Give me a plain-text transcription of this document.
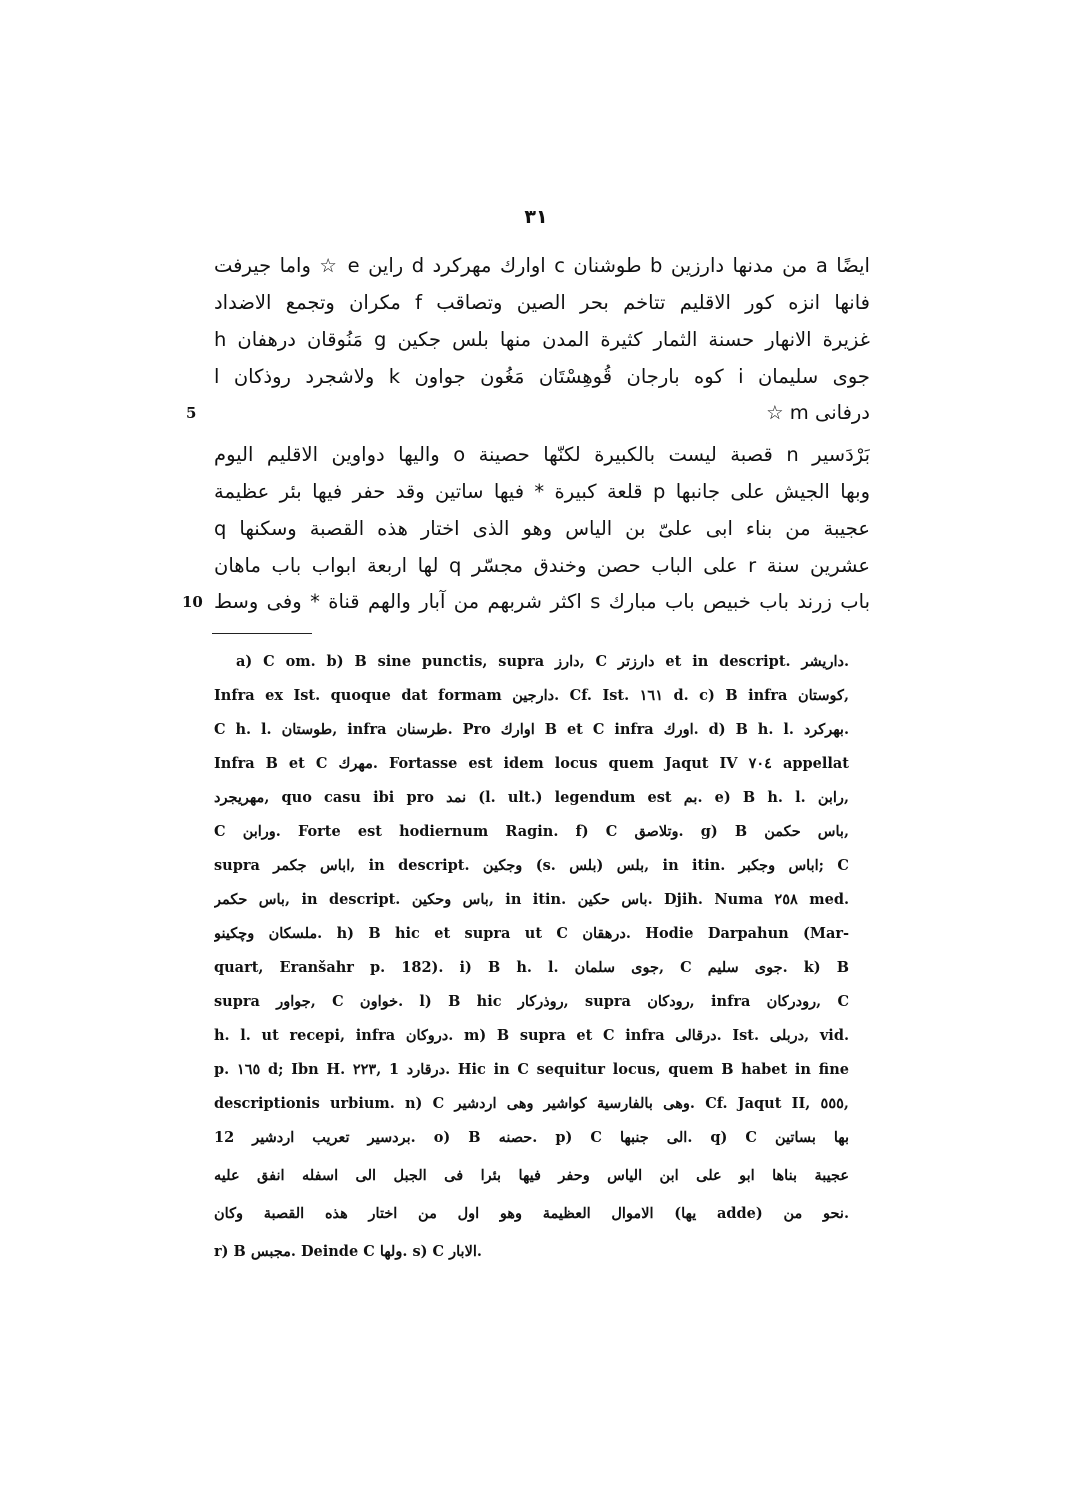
٣١
ايضًا a من مدنها دارزين b طوشنان c اوارك مهركرد d راين e ☆ واما جيرفت
فانها انزه كور الاقليم تتاخم بحر الصين وتصاقب f مكران وتجمع الاضداد
غزيرة الانهار حسنة الثمار كثيرة المدن منها بلس جكين g مَنُوقان درهفان h
جوى سليمان i كوه بارجان قُوهِسْتَان مَغُون جواون k ولاشجرد روذكان l
درفانى m ☆
بَرْدَسير n قصبة ليست بالكبيرة لكنّها حصينة o واليها دواوين الاقليم اليوم
وبها الجيش على جانبها p قلعة كبيرة * فيها ساتين وقد حفر فيها بئر عظيمة
عجيبة من بناء ابى علىّ بن الياس وهو الذى اختار هذه القصبة وسكنها q
عشرين سنة r على الباب حصن وخندق مجسّر q لها اربعة ابواب باب ماهان
باب زرند باب خبيص باب مبارك s اكثر شربهم من آبار والهم قناة * وفى وسط
5
10
a) C om. b) B sine punctis, supra دارز, C دارزتر et in descript. داريشر.
Infra ex Ist. quoque dat formam دارجين. Cf. Ist. ١٦١ d. c) B infra كوستان,
C h. l. طوستان, infra طرسنان. Pro اوارك B et C infra اورك. d) B h. l. بهركرد.
Infra B et C مهرك. Fortasse est idem locus quem Jaqut IV ٧٠٤ appellat
مهريجرد, quo casu ibi pro نمد (l. ult.) legendum est بم. e) B h. l. رابن,
C ورابن. Forte est hodiernum Ragin. f) C وتلاصق. g) B باس حكمن,
supra اباس جكمر, in descript. وجكين (s. بلس) بلس, in itin. اباس وجكبر; C
باس حكمر, in descript. باس وحكين, in itin. باس حكين. Djih. Numa ٢٥٨ med.
ملسكان وچكينو. h) B hic et supra ut C درهقان. Hodie Darpahun (Mar-
quart, Eranšahr p. 182). i) B h. l. جوى سلمان, C جوى سليم. k) B
supra جواور, C خواون. l) B hic روذركار, supra رودكان, infra رودركان, C
h. l. ut recepi, infra دروكان. m) B supra et C infra درقالى. Ist. دربلى, vid.
p. ١٦٥ d; Ibn H. ٢٢٣, 1 درقارد. Hic in C sequitur locus, quem B habet in fine
descriptionis urbium. n) C وهى بالفارسية كواشير وهى اردشير. Cf. Jaqut II, ٥٥٥,
12 بردسير تعريب اردشير. o) B حصنه. p) C الى جنبها. q) C بها بساتين
عجيبة بناها ابو على ابن الياس وحفر فيها بئرا فى الجبل الى اسفله انفق عليه
الاموال العظيمة وهو اول من اختار هذه القصبة وكان (يها adde) نحو من.
r) B مجبس. Deinde C ولها. s) C الابار.
